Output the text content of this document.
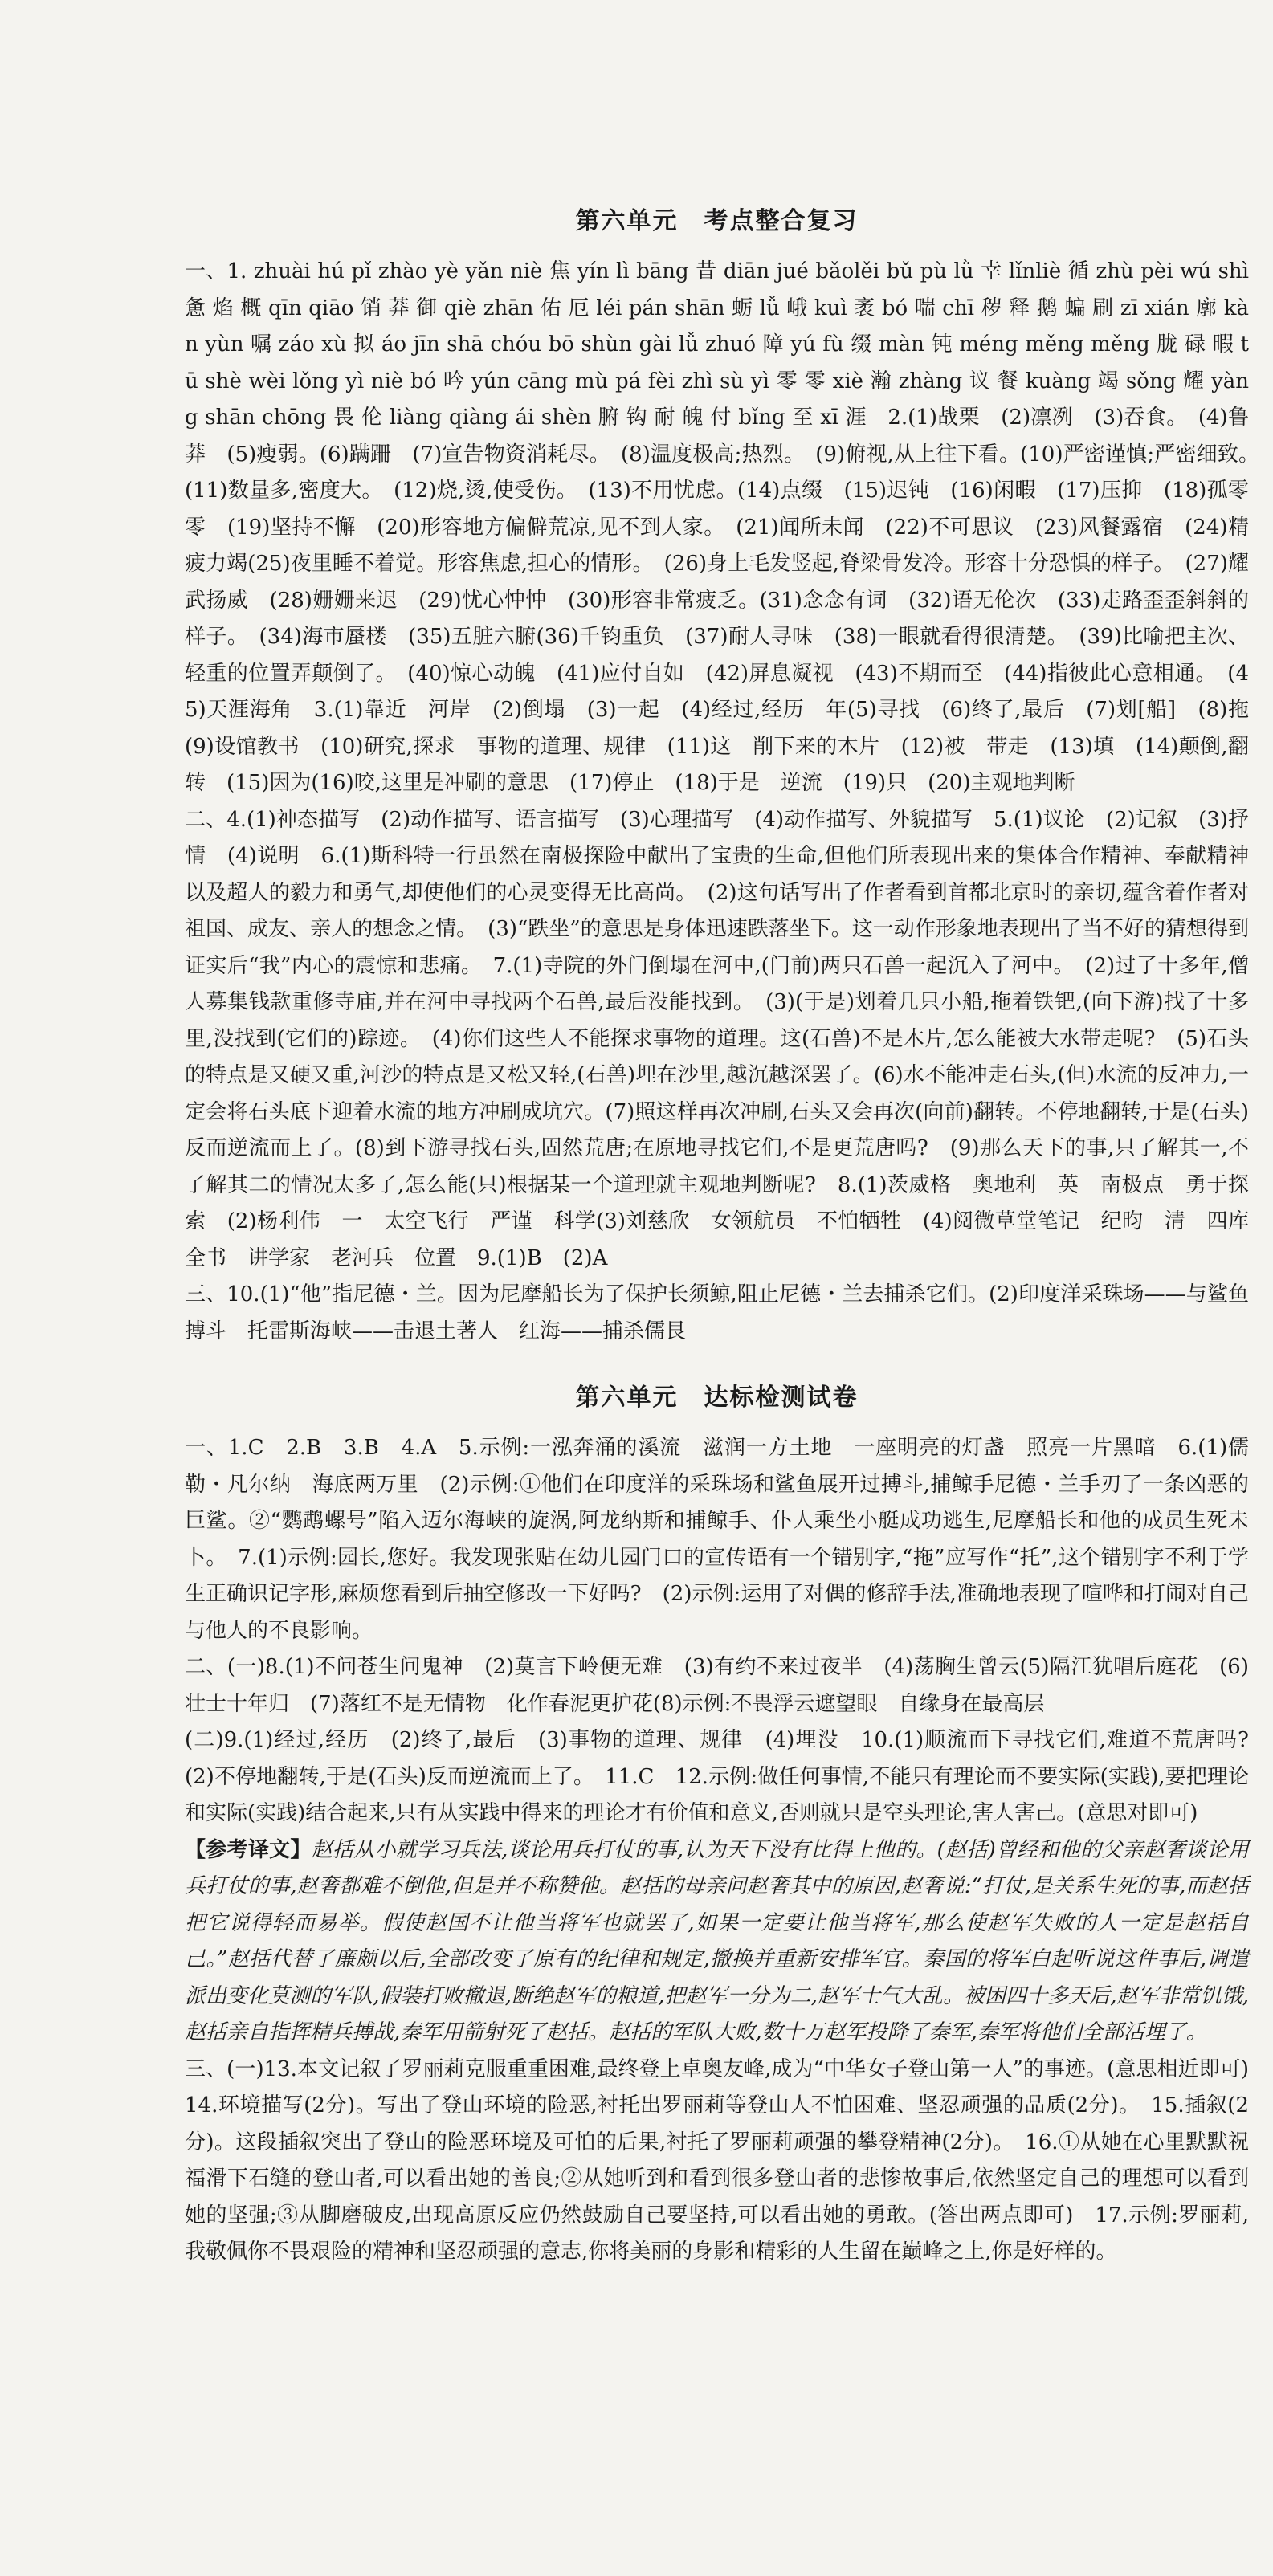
第六单元　考点整合复习

一、1. zhuài hú pǐ zhào yè yǎn niè 焦 yín lì bāng 昔 diān jué bǎolěi bǔ pù lǜ 幸 lǐnliè 循 zhù pèi wú shì 惫 焰 概 qīn qiāo 销 莽 御 qiè zhān 佑 厄 léi pán shān 蛎 lǚ 峨 kuì 袤 bó 喘 chī 秽 释 鹅 蝙 刷 zī xián 廓 kàn yùn 嘱 záo xù 拟 áo jīn shā chóu bō shùn gài lǚ zhuó 障 yú fù 缀 màn 钝 méng měng měng 胧 碌 暇 tū shè wèi lǒng yì niè bó 吟 yún cāng mù pá fèi zhì sù yì 零 零 xiè 瀚 zhàng 议 餐 kuàng 竭 sǒng 耀 yàng shān chōng 畏 伦 liàng qiàng ái shèn 腑 钩 耐 魄 付 bǐng 至 xī 涯　2.(1)战栗　(2)凛冽　(3)吞食。　(4)鲁莽　(5)瘦弱。(6)蹒跚　(7)宣告物资消耗尽。　(8)温度极高;热烈。　(9)俯视,从上往下看。(10)严密谨慎;严密细致。　(11)数量多,密度大。　(12)烧,烫,使受伤。　(13)不用忧虑。(14)点缀　(15)迟钝　(16)闲暇　(17)压抑　(18)孤零零　(19)坚持不懈　(20)形容地方偏僻荒凉,见不到人家。　(21)闻所未闻　(22)不可思议　(23)风餐露宿　(24)精疲力竭(25)夜里睡不着觉。形容焦虑,担心的情形。　(26)身上毛发竖起,脊梁骨发冷。形容十分恐惧的样子。　(27)耀武扬威　(28)姗姗来迟　(29)忧心忡忡　(30)形容非常疲乏。(31)念念有词　(32)语无伦次　(33)走路歪歪斜斜的样子。　(34)海市蜃楼　(35)五脏六腑(36)千钧重负　(37)耐人寻味　(38)一眼就看得很清楚。　(39)比喻把主次、轻重的位置弄颠倒了。　(40)惊心动魄　(41)应付自如　(42)屏息凝视　(43)不期而至　(44)指彼此心意相通。　(45)天涯海角　3.(1)靠近　河岸　(2)倒塌　(3)一起　(4)经过,经历　年(5)寻找　(6)终了,最后　(7)划[船]　(8)拖　(9)设馆教书　(10)研究,探求　事物的道理、规律　(11)这　削下来的木片　(12)被　带走　(13)填　(14)颠倒,翻转　(15)因为(16)咬,这里是冲刷的意思　(17)停止　(18)于是　逆流　(19)只　(20)主观地判断

二、4.(1)神态描写　(2)动作描写、语言描写　(3)心理描写　(4)动作描写、外貌描写　5.(1)议论　(2)记叙　(3)抒情　(4)说明　6.(1)斯科特一行虽然在南极探险中献出了宝贵的生命,但他们所表现出来的集体合作精神、奉献精神以及超人的毅力和勇气,却使他们的心灵变得无比高尚。　(2)这句话写出了作者看到首都北京时的亲切,蕴含着作者对祖国、成友、亲人的想念之情。　(3)“跌坐”的意思是身体迅速跌落坐下。这一动作形象地表现出了当不好的猜想得到证实后“我”内心的震惊和悲痛。　7.(1)寺院的外门倒塌在河中,(门前)两只石兽一起沉入了河中。　(2)过了十多年,僧人募集钱款重修寺庙,并在河中寻找两个石兽,最后没能找到。　(3)(于是)划着几只小船,拖着铁钯,(向下游)找了十多里,没找到(它们的)踪迹。　(4)你们这些人不能探求事物的道理。这(石兽)不是木片,怎么能被大水带走呢?　(5)石头的特点是又硬又重,河沙的特点是又松又轻,(石兽)埋在沙里,越沉越深罢了。(6)水不能冲走石头,(但)水流的反冲力,一定会将石头底下迎着水流的地方冲刷成坑穴。(7)照这样再次冲刷,石头又会再次(向前)翻转。不停地翻转,于是(石头)反而逆流而上了。(8)到下游寻找石头,固然荒唐;在原地寻找它们,不是更荒唐吗?　(9)那么天下的事,只了解其一,不了解其二的情况太多了,怎么能(只)根据某一个道理就主观地判断呢?　8.(1)茨威格　奥地利　英　南极点　勇于探索　(2)杨利伟　一　太空飞行　严谨　科学(3)刘慈欣　女领航员　不怕牺牲　(4)阅微草堂笔记　纪昀　清　四库全书　讲学家　老河兵　位置　9.(1)B　(2)A

三、10.(1)“他”指尼德・兰。因为尼摩船长为了保护长须鲸,阻止尼德・兰去捕杀它们。(2)印度洋采珠场——与鲨鱼搏斗　托雷斯海峡——击退土著人　红海——捕杀儒艮

第六单元　达标检测试卷

一、1.C　2.B　3.B　4.A　5.示例:一泓奔涌的溪流　滋润一方土地　一座明亮的灯盏　照亮一片黑暗　6.(1)儒勒・凡尔纳　海底两万里　(2)示例:①他们在印度洋的采珠场和鲨鱼展开过搏斗,捕鲸手尼德・兰手刃了一条凶恶的巨鲨。②“鹦鹉螺号”陷入迈尔海峡的旋涡,阿龙纳斯和捕鲸手、仆人乘坐小艇成功逃生,尼摩船长和他的成员生死未卜。　7.(1)示例:园长,您好。我发现张贴在幼儿园门口的宣传语有一个错别字,“拖”应写作“托”,这个错别字不利于学生正确识记字形,麻烦您看到后抽空修改一下好吗?　(2)示例:运用了对偶的修辞手法,准确地表现了喧哗和打闹对自己与他人的不良影响。

二、(一)8.(1)不问苍生问鬼神　(2)莫言下岭便无难　(3)有约不来过夜半　(4)荡胸生曾云(5)隔江犹唱后庭花　(6)壮士十年归　(7)落红不是无情物　化作春泥更护花(8)示例:不畏浮云遮望眼　自缘身在最高层

(二)9.(1)经过,经历　(2)终了,最后　(3)事物的道理、规律　(4)埋没　10.(1)顺流而下寻找它们,难道不荒唐吗?　(2)不停地翻转,于是(石头)反而逆流而上了。　11.C　12.示例:做任何事情,不能只有理论而不要实际(实践),要把理论和实际(实践)结合起来,只有从实践中得来的理论才有价值和意义,否则就只是空头理论,害人害己。(意思对即可)

【参考译文】赵括从小就学习兵法,谈论用兵打仗的事,认为天下没有比得上他的。(赵括)曾经和他的父亲赵奢谈论用兵打仗的事,赵奢都难不倒他,但是并不称赞他。赵括的母亲问赵奢其中的原因,赵奢说:“打仗,是关系生死的事,而赵括把它说得轻而易举。假使赵国不让他当将军也就罢了,如果一定要让他当将军,那么使赵军失败的人一定是赵括自己。”赵括代替了廉颇以后,全部改变了原有的纪律和规定,撤换并重新安排军官。秦国的将军白起听说这件事后,调遣派出变化莫测的军队,假装打败撤退,断绝赵军的粮道,把赵军一分为二,赵军士气大乱。被困四十多天后,赵军非常饥饿,赵括亲自指挥精兵搏战,秦军用箭射死了赵括。赵括的军队大败,数十万赵军投降了秦军,秦军将他们全部活埋了。

三、(一)13.本文记叙了罗丽莉克服重重困难,最终登上卓奥友峰,成为“中华女子登山第一人”的事迹。(意思相近即可)　14.环境描写(2分)。写出了登山环境的险恶,衬托出罗丽莉等登山人不怕困难、坚忍顽强的品质(2分)。　15.插叙(2分)。这段插叙突出了登山的险恶环境及可怕的后果,衬托了罗丽莉顽强的攀登精神(2分)。　16.①从她在心里默默祝福滑下石缝的登山者,可以看出她的善良;②从她听到和看到很多登山者的悲惨故事后,依然坚定自己的理想可以看到她的坚强;③从脚磨破皮,出现高原反应仍然鼓励自己要坚持,可以看出她的勇敢。(答出两点即可)　17.示例:罗丽莉,我敬佩你不畏艰险的精神和坚忍顽强的意志,你将美丽的身影和精彩的人生留在巅峰之上,你是好样的。
